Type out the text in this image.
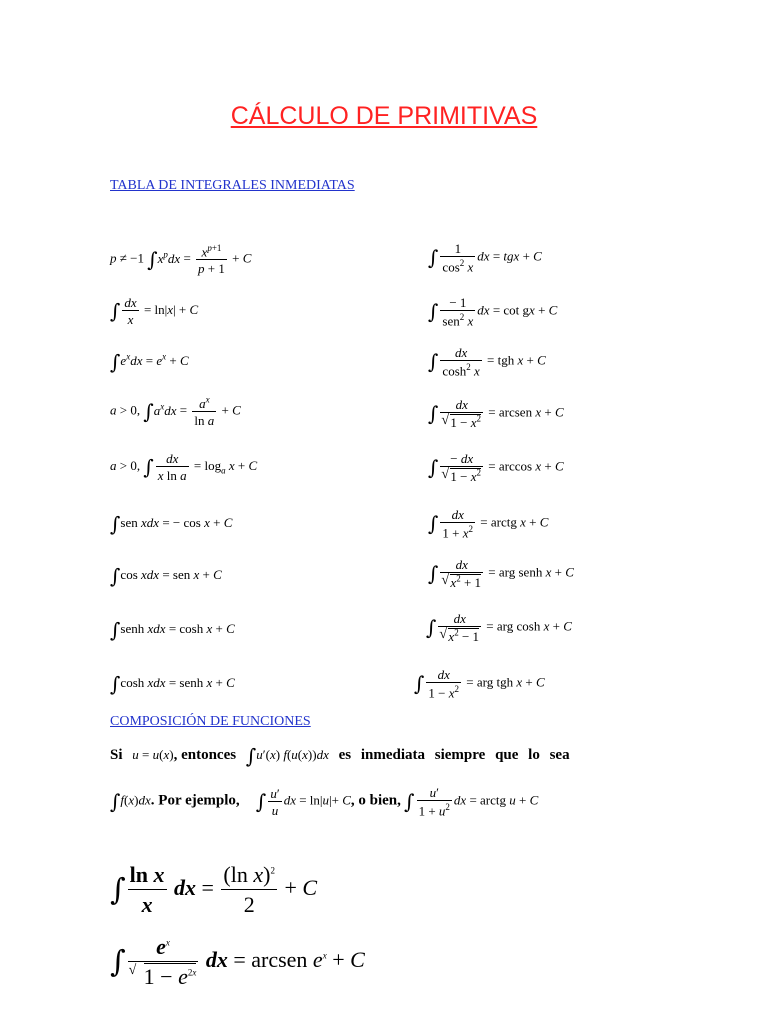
CÁLCULO DE PRIMITIVAS
TABLA DE INTEGRALES INMEDIATAS
p ≠ −1 $\int x^pdx = \frac{x^{p+1}}{p + 1} + C$
∫ $\frac{dx}{x} = \ln|x| + C$
$\int e^xdx = e^x + C$
a > 0, $\int a^xdx = \frac{a^x}{\text{ln a}} + C$
a > 0, ∫ $\frac{dx}{\text{x ln a}} = \log_a x + C$
∫sen xdx = − cos x + C
∫cos xdx = sen x + C
∫senh xdx = cosh x + C
∫cosh xdx = senh x + C
∫ $\frac{1}{\cos^2 x}$ dx = tgx + C
∫ $\frac{- 1}{sen^2 x}$ dx = cot gx + C
∫ $\frac{dx}{\cosh^2 x}$ = tgh x + C
∫ dx
√ $1 - x^2$ = arcsen x + C
∫ − dx
√ $1 - x^2 = \arccos x + C$
∫ $\frac{dx}{1 + x^2}$ = arctg x + C
∫ dx
√ $x^2 + 1$ = arg senh x + C
∫ dx
√ $x^2 - 1$ = arg cosh x + C
∫ $\frac{dx}{1 - x^2}$ = arg tgh x + C
COMPOSICIÓN DE FUNCIONES
Si u = u(x), entonces ∫u′(x) f(u(x))dx es inmediata siempre que lo sea
∫f(x)dx. Por ejemplo, ∫ $\frac{u'}{u}$ dx = ln|u|+ C, o bien, ∫ $\frac{u'}{1 + u^2}$ dx = arctg u + C
∫ $\frac{\text{ln x}}{x}$ dx = $\frac{(\ln x)^2}{2} + C$
∫ $e^x$
√ $1 - e^{2x}$ dx = arcsen $e^x + C$
